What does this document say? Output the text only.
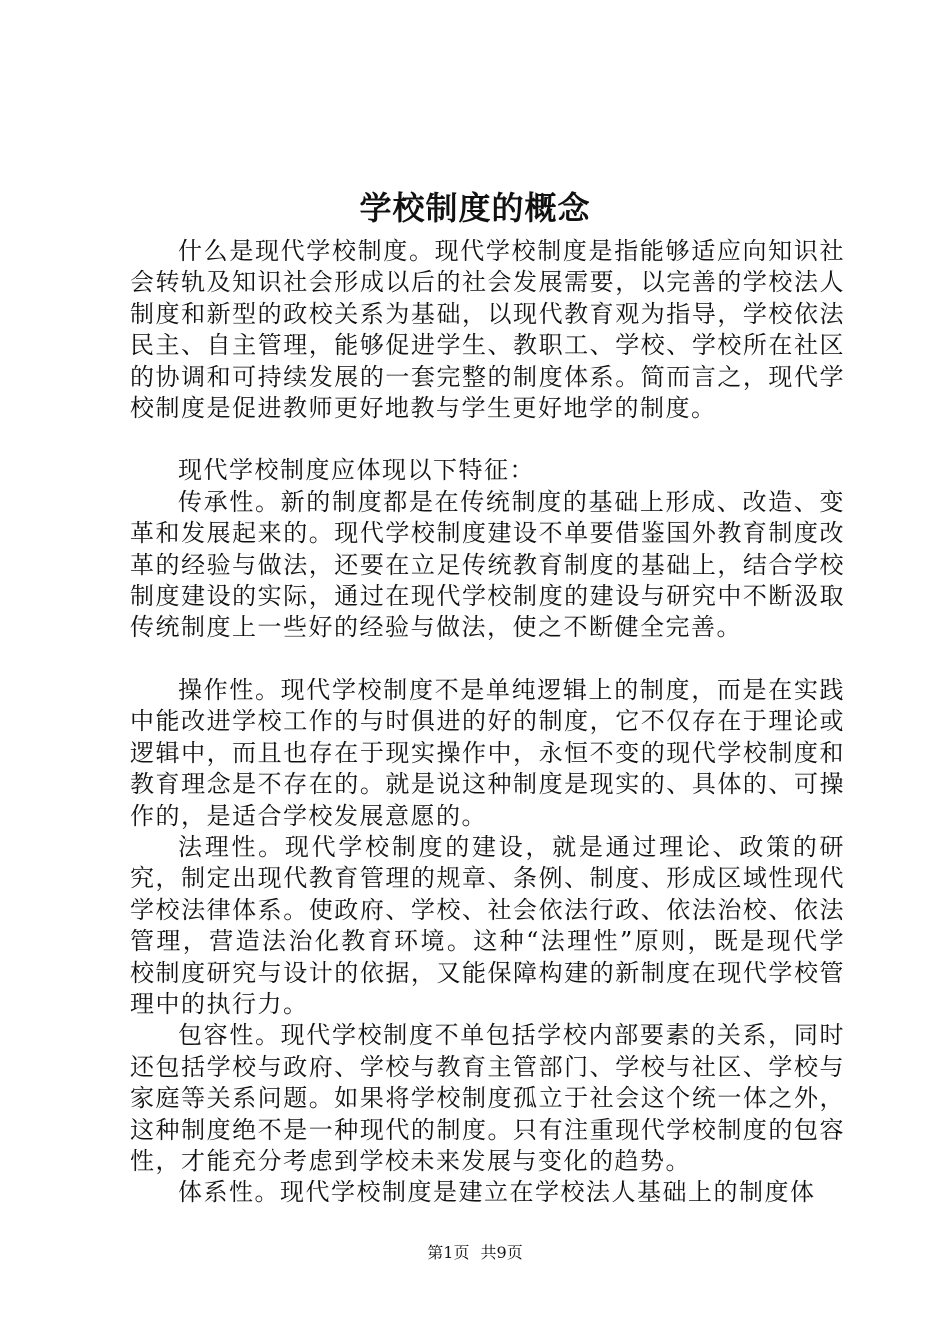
学校制度的概念

什么是现代学校制度。现代学校制度是指能够适应向知识社会转轨及知识社会形成以后的社会发展需要，以完善的学校法人制度和新型的政校关系为基础，以现代教育观为指导，学校依法民主、自主管理，能够促进学生、教职工、学校、学校所在社区的协调和可持续发展的一套完整的制度体系。简而言之，现代学校制度是促进教师更好地教与学生更好地学的制度。

现代学校制度应体现以下特征：

传承性。新的制度都是在传统制度的基础上形成、改造、变革和发展起来的。现代学校制度建设不单要借鉴国外教育制度改革的经验与做法，还要在立足传统教育制度的基础上，结合学校制度建设的实际，通过在现代学校制度的建设与研究中不断汲取传统制度上一些好的经验与做法，使之不断健全完善。

操作性。现代学校制度不是单纯逻辑上的制度，而是在实践中能改进学校工作的与时俱进的好的制度，它不仅存在于理论或逻辑中，而且也存在于现实操作中，永恒不变的现代学校制度和教育理念是不存在的。就是说这种制度是现实的、具体的、可操作的，是适合学校发展意愿的。

法理性。现代学校制度的建设，就是通过理论、政策的研究，制定出现代教育管理的规章、条例、制度、形成区域性现代学校法律体系。使政府、学校、社会依法行政、依法治校、依法管理，营造法治化教育环境。这种“法理性”原则，既是现代学校制度研究与设计的依据，又能保障构建的新制度在现代学校管理中的执行力。

包容性。现代学校制度不单包括学校内部要素的关系，同时还包括学校与政府、学校与教育主管部门、学校与社区、学校与家庭等关系问题。如果将学校制度孤立于社会这个统一体之外，这种制度绝不是一种现代的制度。只有注重现代学校制度的包容性，才能充分考虑到学校未来发展与变化的趋势。

体系性。现代学校制度是建立在学校法人基础上的制度体

第1页 共9页
